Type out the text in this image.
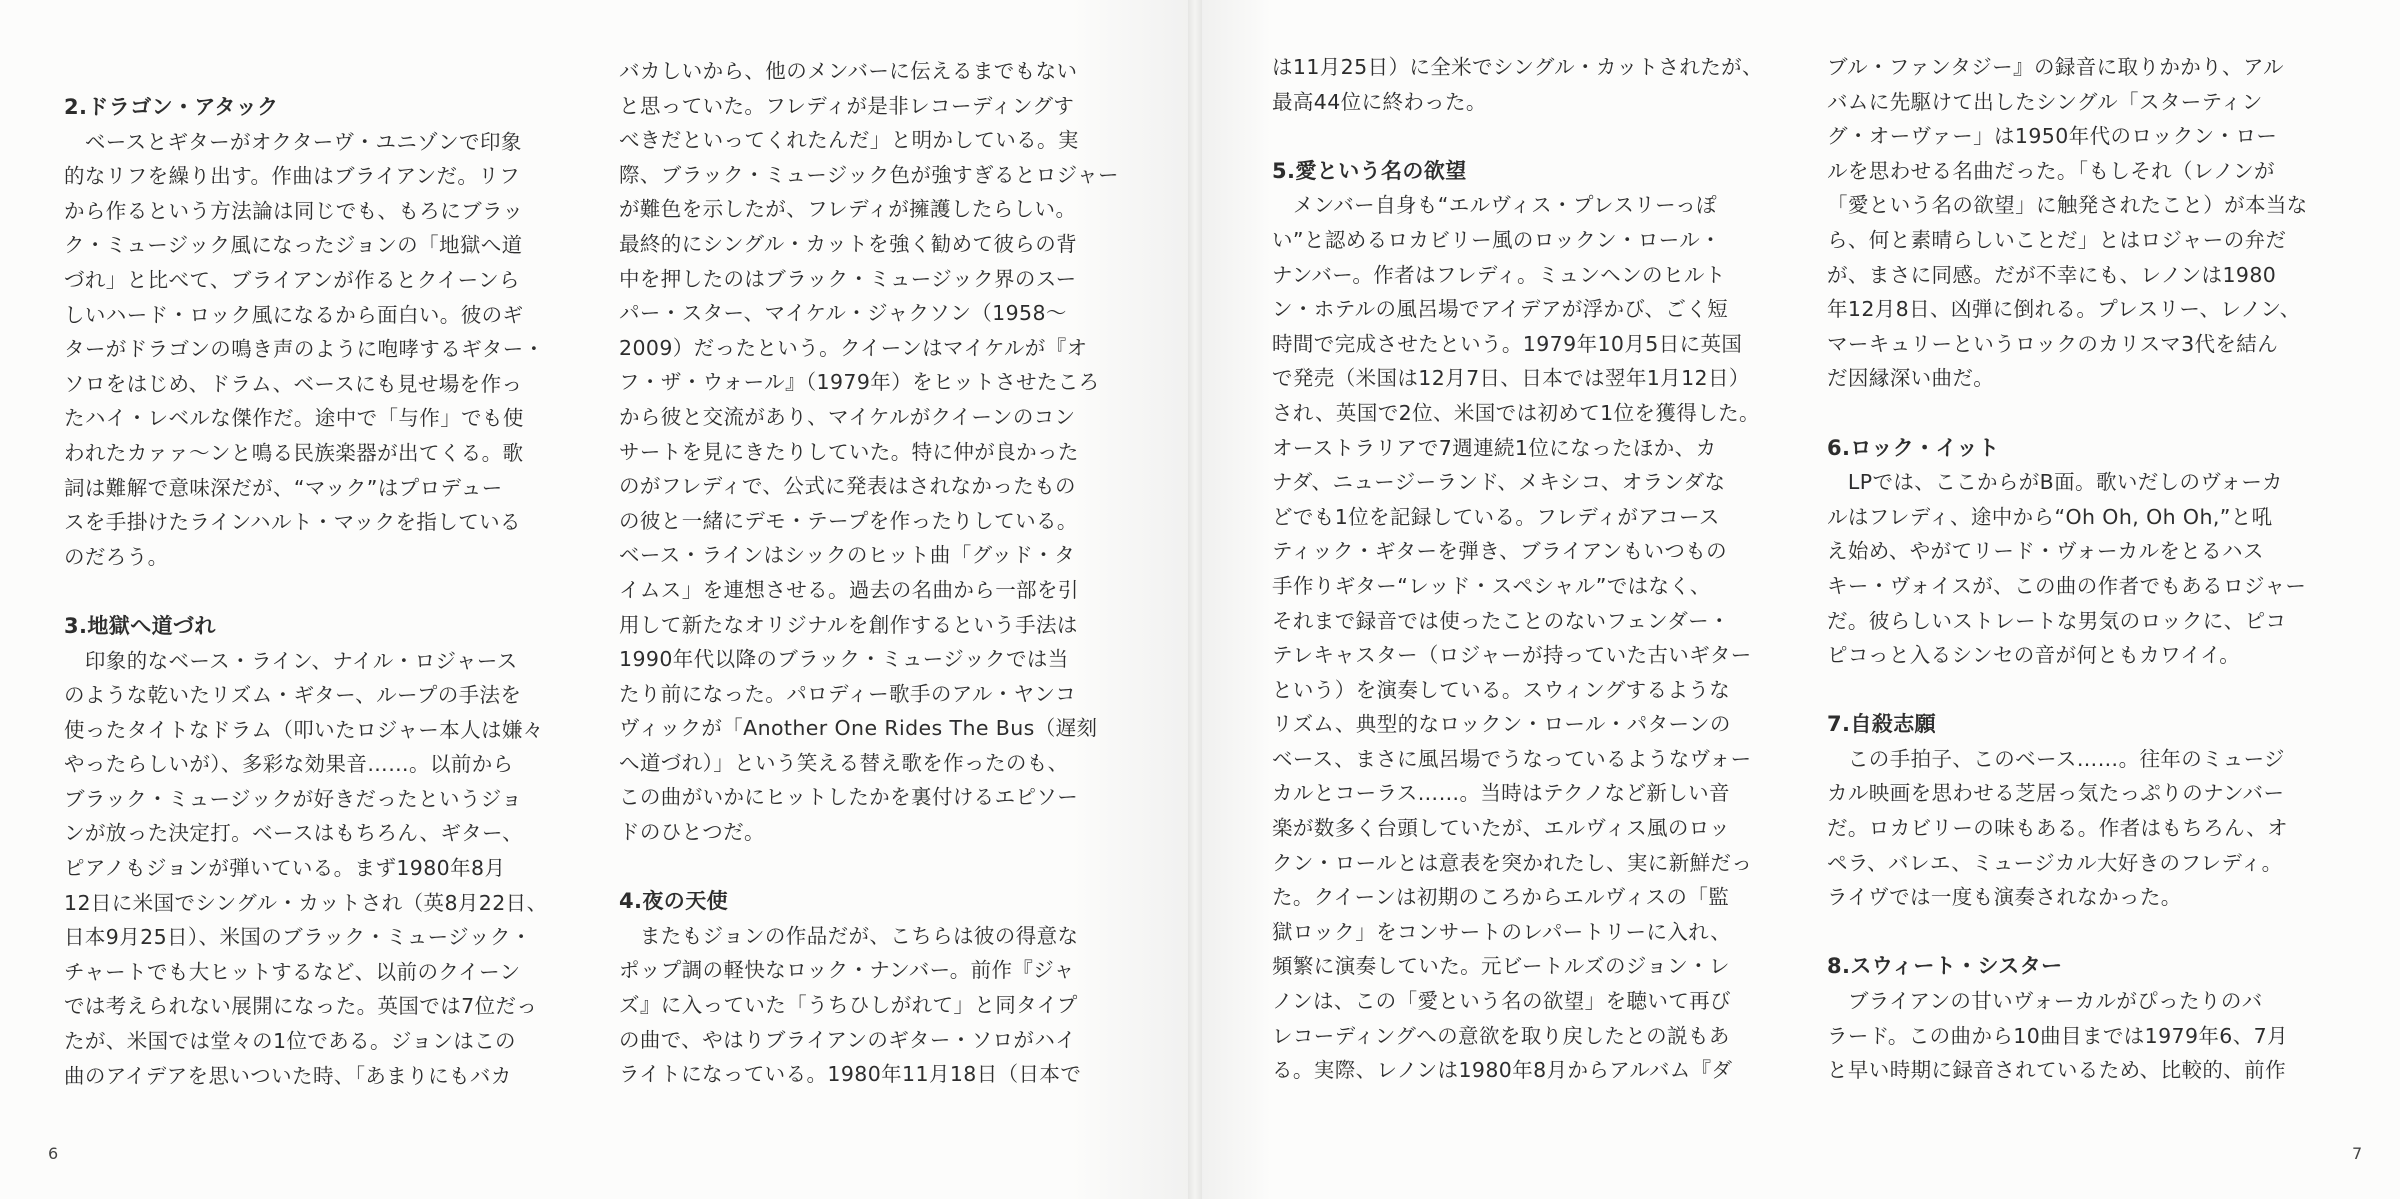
2.ドラゴン・アタック
　ベースとギターがオクターヴ・ユニゾンで印象
的なリフを繰り出す。作曲はブライアンだ。リフ
から作るという方法論は同じでも、もろにブラッ
ク・ミュージック風になったジョンの「地獄へ道
づれ」と比べて、ブライアンが作るとクイーンら
しいハード・ロック風になるから面白い。彼のギ
ターがドラゴンの鳴き声のように咆哮するギター・
ソロをはじめ、ドラム、ベースにも見せ場を作っ
たハイ・レベルな傑作だ。途中で「与作」でも使
われたカァァ～ンと鳴る民族楽器が出てくる。歌
詞は難解で意味深だが、“マック”はプロデュー
スを手掛けたラインハルト・マックを指している
のだろう。
3.地獄へ道づれ
　印象的なベース・ライン、ナイル・ロジャース
のような乾いたリズム・ギター、ループの手法を
使ったタイトなドラム（叩いたロジャー本人は嫌々
やったらしいが）、多彩な効果音……。以前から
ブラック・ミュージックが好きだったというジョ
ンが放った決定打。ベースはもちろん、ギター、
ピアノもジョンが弾いている。まず1980年8月
12日に米国でシングル・カットされ（英8月22日、
日本9月25日）、米国のブラック・ミュージック・
チャートでも大ヒットするなど、以前のクイーン
では考えられない展開になった。英国では7位だっ
たが、米国では堂々の1位である。ジョンはこの
曲のアイデアを思いついた時、「あまりにもバカ
バカしいから、他のメンバーに伝えるまでもない
と思っていた。フレディが是非レコーディングす
べきだといってくれたんだ」と明かしている。実
際、ブラック・ミュージック色が強すぎるとロジャー
が難色を示したが、フレディが擁護したらしい。
最終的にシングル・カットを強く勧めて彼らの背
中を押したのはブラック・ミュージック界のスー
パー・スター、マイケル・ジャクソン（1958～
2009）だったという。クイーンはマイケルが『オ
フ・ザ・ウォール』（1979年）をヒットさせたころ
から彼と交流があり、マイケルがクイーンのコン
サートを見にきたりしていた。特に仲が良かった
のがフレディで、公式に発表はされなかったもの
の彼と一緒にデモ・テープを作ったりしている。
ベース・ラインはシックのヒット曲「グッド・タ
イムス」を連想させる。過去の名曲から一部を引
用して新たなオリジナルを創作するという手法は
1990年代以降のブラック・ミュージックでは当
たり前になった。パロディー歌手のアル・ヤンコ
ヴィックが「Another One Rides The Bus（遅刻
へ道づれ）」という笑える替え歌を作ったのも、
この曲がいかにヒットしたかを裏付けるエピソー
ドのひとつだ。
4.夜の天使
　またもジョンの作品だが、こちらは彼の得意な
ポップ調の軽快なロック・ナンバー。前作『ジャ
ズ』に入っていた「うちひしがれて」と同タイプ
の曲で、やはりブライアンのギター・ソロがハイ
ライトになっている。1980年11月18日（日本で
は11月25日）に全米でシングル・カットされたが、
最高44位に終わった。
5.愛という名の欲望
　メンバー自身も“エルヴィス・プレスリーっぽ
い”と認めるロカビリー風のロックン・ロール・
ナンバー。作者はフレディ。ミュンヘンのヒルト
ン・ホテルの風呂場でアイデアが浮かび、ごく短
時間で完成させたという。1979年10月5日に英国
で発売（米国は12月7日、日本では翌年1月12日）
され、英国で2位、米国では初めて1位を獲得した。
オーストラリアで7週連続1位になったほか、カ
ナダ、ニュージーランド、メキシコ、オランダな
どでも1位を記録している。フレディがアコース
ティック・ギターを弾き、ブライアンもいつもの
手作りギター“レッド・スペシャル”ではなく、
それまで録音では使ったことのないフェンダー・
テレキャスター（ロジャーが持っていた古いギター
という）を演奏している。スウィングするような
リズム、典型的なロックン・ロール・パターンの
ベース、まさに風呂場でうなっているようなヴォー
カルとコーラス……。当時はテクノなど新しい音
楽が数多く台頭していたが、エルヴィス風のロッ
クン・ロールとは意表を突かれたし、実に新鮮だっ
た。クイーンは初期のころからエルヴィスの「監
獄ロック」をコンサートのレパートリーに入れ、
頻繁に演奏していた。元ビートルズのジョン・レ
ノンは、この「愛という名の欲望」を聴いて再び
レコーディングへの意欲を取り戻したとの説もあ
る。実際、レノンは1980年8月からアルバム『ダ
ブル・ファンタジー』の録音に取りかかり、アル
バムに先駆けて出したシングル「スターティン
グ・オーヴァー」は1950年代のロックン・ロー
ルを思わせる名曲だった。「もしそれ（レノンが
「愛という名の欲望」に触発されたこと）が本当な
ら、何と素晴らしいことだ」とはロジャーの弁だ
が、まさに同感。だが不幸にも、レノンは1980
年12月8日、凶弾に倒れる。プレスリー、レノン、
マーキュリーというロックのカリスマ3代を結ん
だ因縁深い曲だ。
6.ロック・イット
　LPでは、ここからがB面。歌いだしのヴォーカ
ルはフレディ、途中から“Oh Oh, Oh Oh,”と吼
え始め、やがてリード・ヴォーカルをとるハス
キー・ヴォイスが、この曲の作者でもあるロジャー
だ。彼らしいストレートな男気のロックに、ピコ
ピコっと入るシンセの音が何ともカワイイ。
7.自殺志願
　この手拍子、このベース……。往年のミュージ
カル映画を思わせる芝居っ気たっぷりのナンバー
だ。ロカビリーの味もある。作者はもちろん、オ
ペラ、バレエ、ミュージカル大好きのフレディ。
ライヴでは一度も演奏されなかった。
8.スウィート・シスター
　ブライアンの甘いヴォーカルがぴったりのバ
ラード。この曲から10曲目までは1979年6、7月
と早い時期に録音されているため、比較的、前作
6	7
